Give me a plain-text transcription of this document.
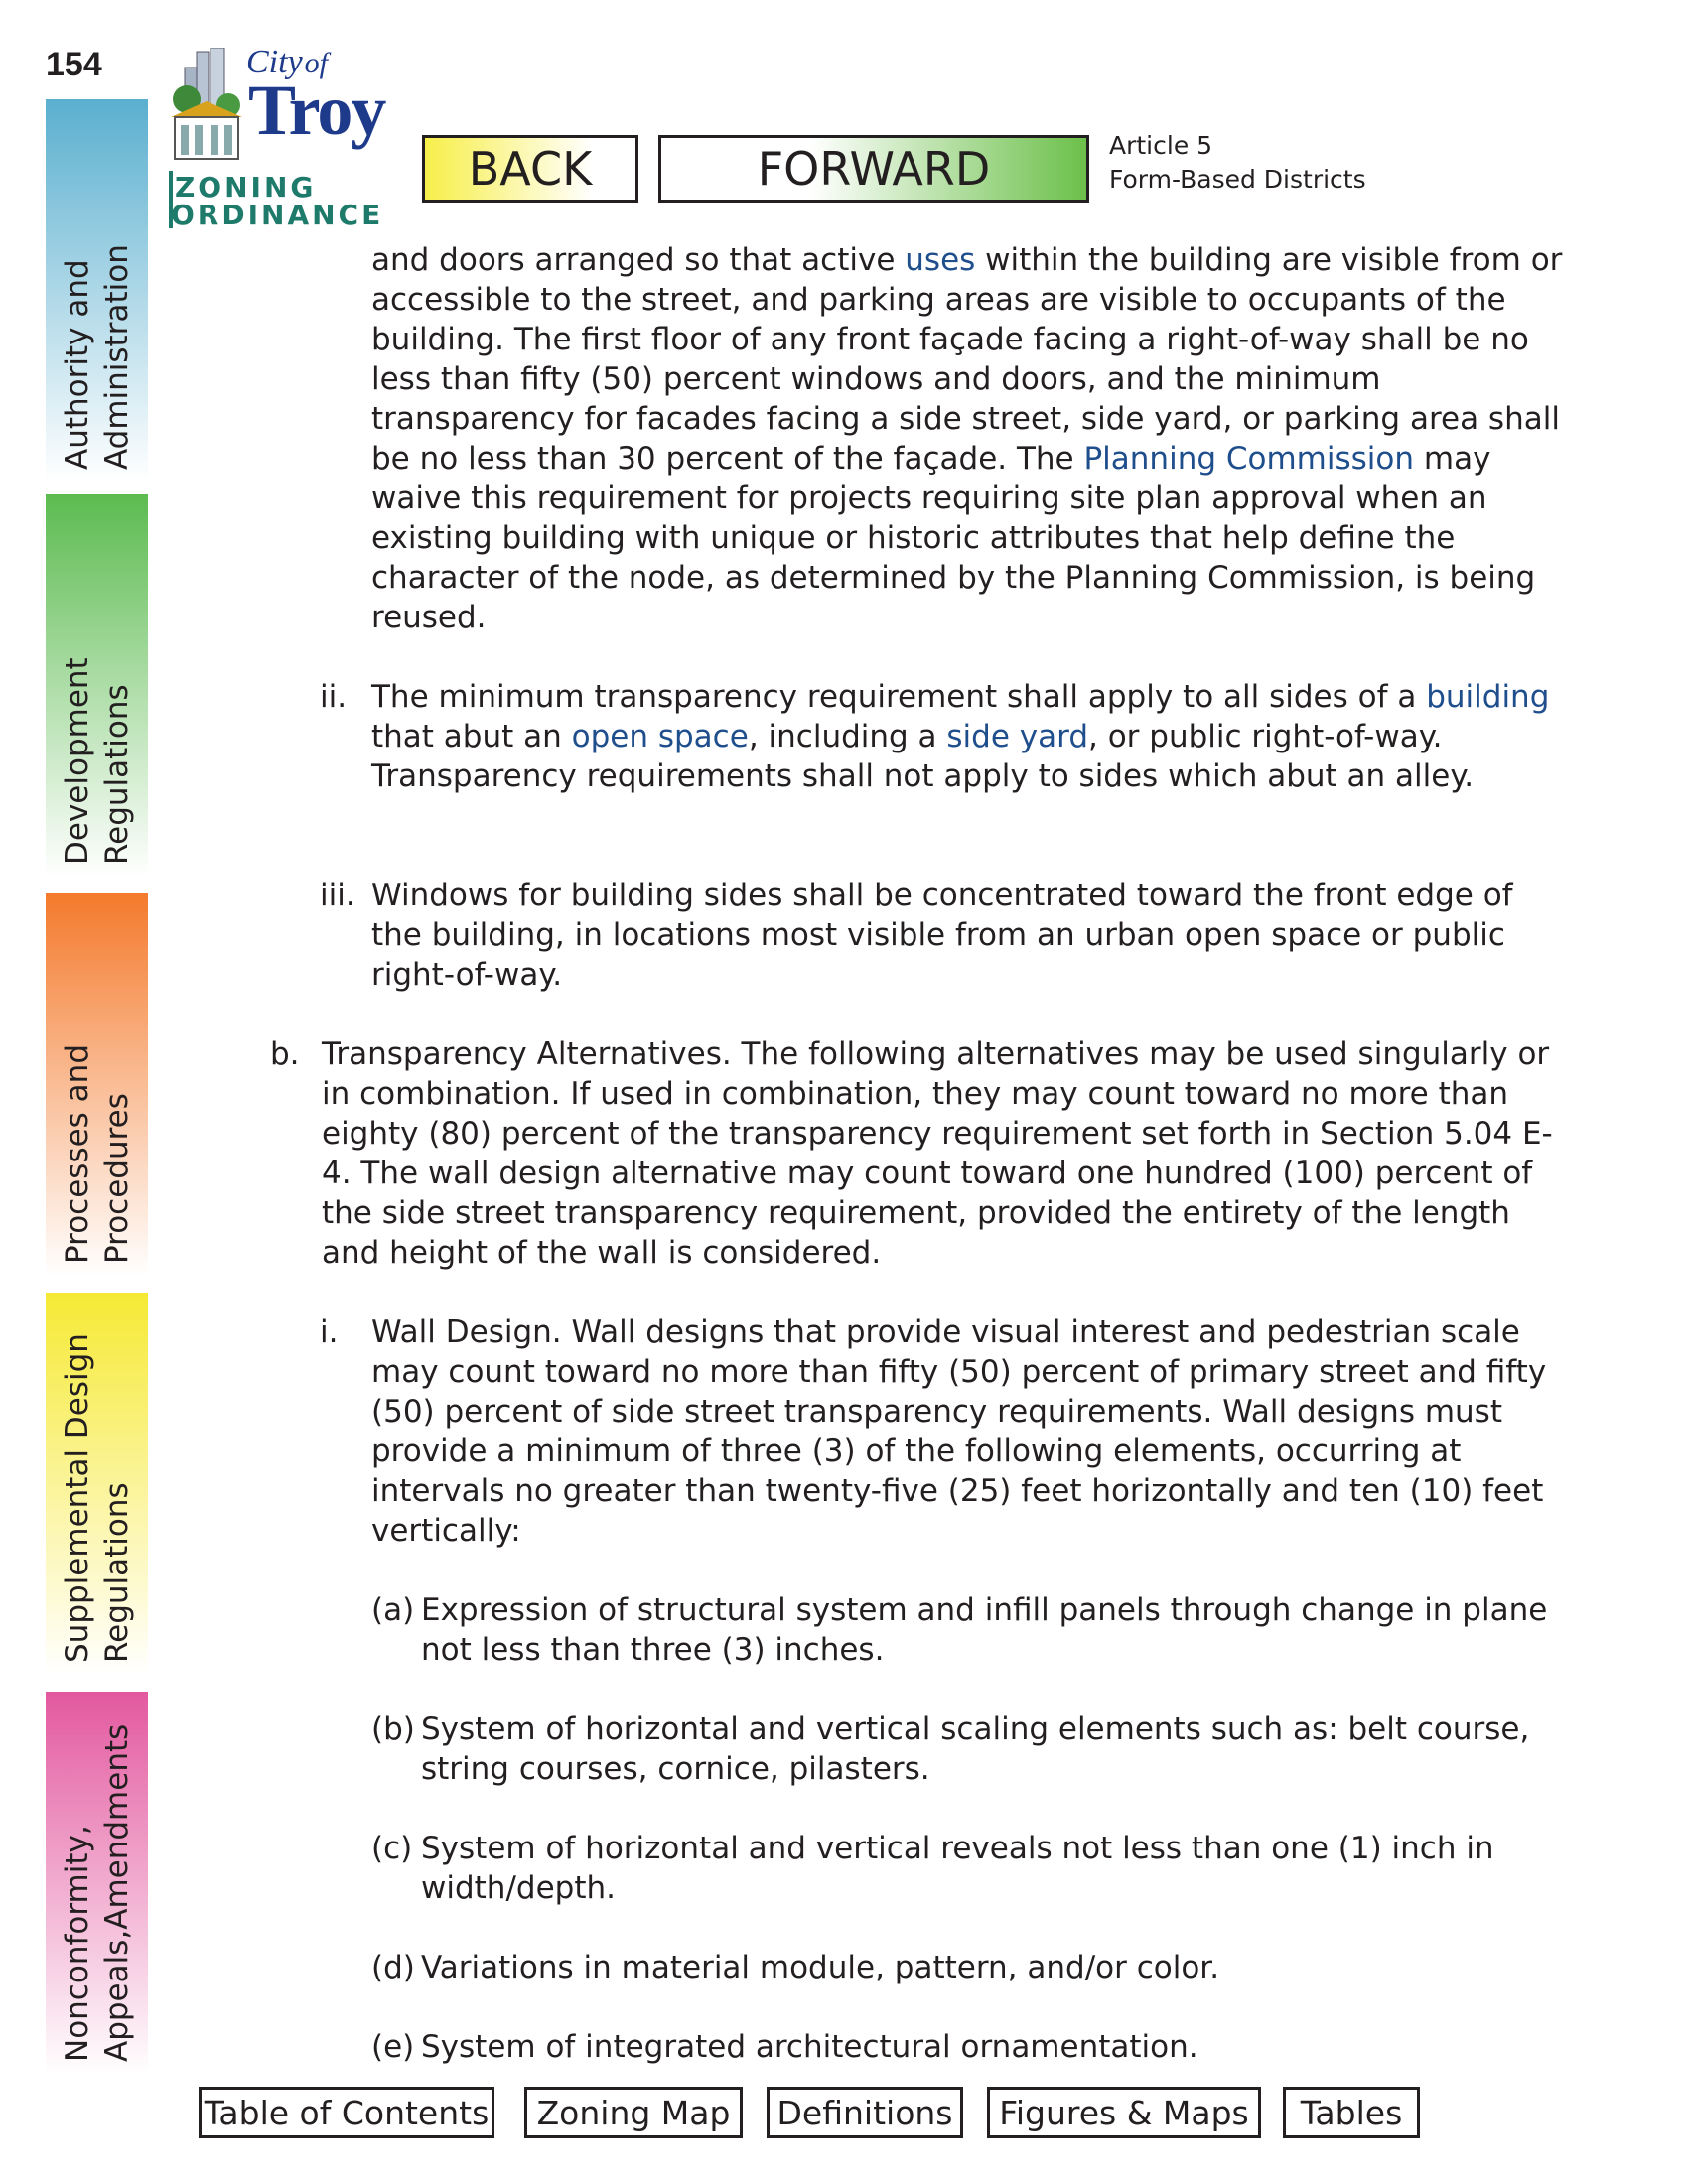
154
Authority and Administration
Development Regulations
Processes and Procedures
Supplemental Design Regulations
Nonconformity, Appeals,Amendments
Cityof
Troy
ZONING
ORDINANCE
BACK	FORWARD	Article 5
Form-Based Districts

and doors arranged so that active uses within the building are visible from or accessible to the street, and parking areas are visible to occupants of the building. The first floor of any front façade facing a right-of-way shall be no less than fifty (50) percent windows and doors, and the minimum transparency for facades facing a side street, side yard, or parking area shall be no less than 30 percent of the façade. The Planning Commission may waive this requirement for projects requiring site plan approval when an existing building with unique or historic attributes that help define the character of the node, as determined by the Planning Commission, is being reused.

ii. The minimum transparency requirement shall apply to all sides of a building that abut an open space, including a side yard, or public right-of-way. Transparency requirements shall not apply to sides which abut an alley.

iii. Windows for building sides shall be concentrated toward the front edge of the building, in locations most visible from an urban open space or public right-of-way.

b. Transparency Alternatives. The following alternatives may be used singularly or in combination. If used in combination, they may count toward no more than eighty (80) percent of the transparency requirement set forth in Section 5.04 E-4. The wall design alternative may count toward one hundred (100) percent of the side street transparency requirement, provided the entirety of the length and height of the wall is considered.

i. Wall Design. Wall designs that provide visual interest and pedestrian scale may count toward no more than fifty (50) percent of primary street and fifty (50) percent of side street transparency requirements. Wall designs must provide a minimum of three (3) of the following elements, occurring at intervals no greater than twenty-five (25) feet horizontally and ten (10) feet vertically:

(a) Expression of structural system and infill panels through change in plane not less than three (3) inches.

(b) System of horizontal and vertical scaling elements such as: belt course, string courses, cornice, pilasters.

(c) System of horizontal and vertical reveals not less than one (1) inch in width/depth.

(d) Variations in material module, pattern, and/or color.

(e) System of integrated architectural ornamentation.

Table of Contents	Zoning Map	Definitions	Figures & Maps	Tables
